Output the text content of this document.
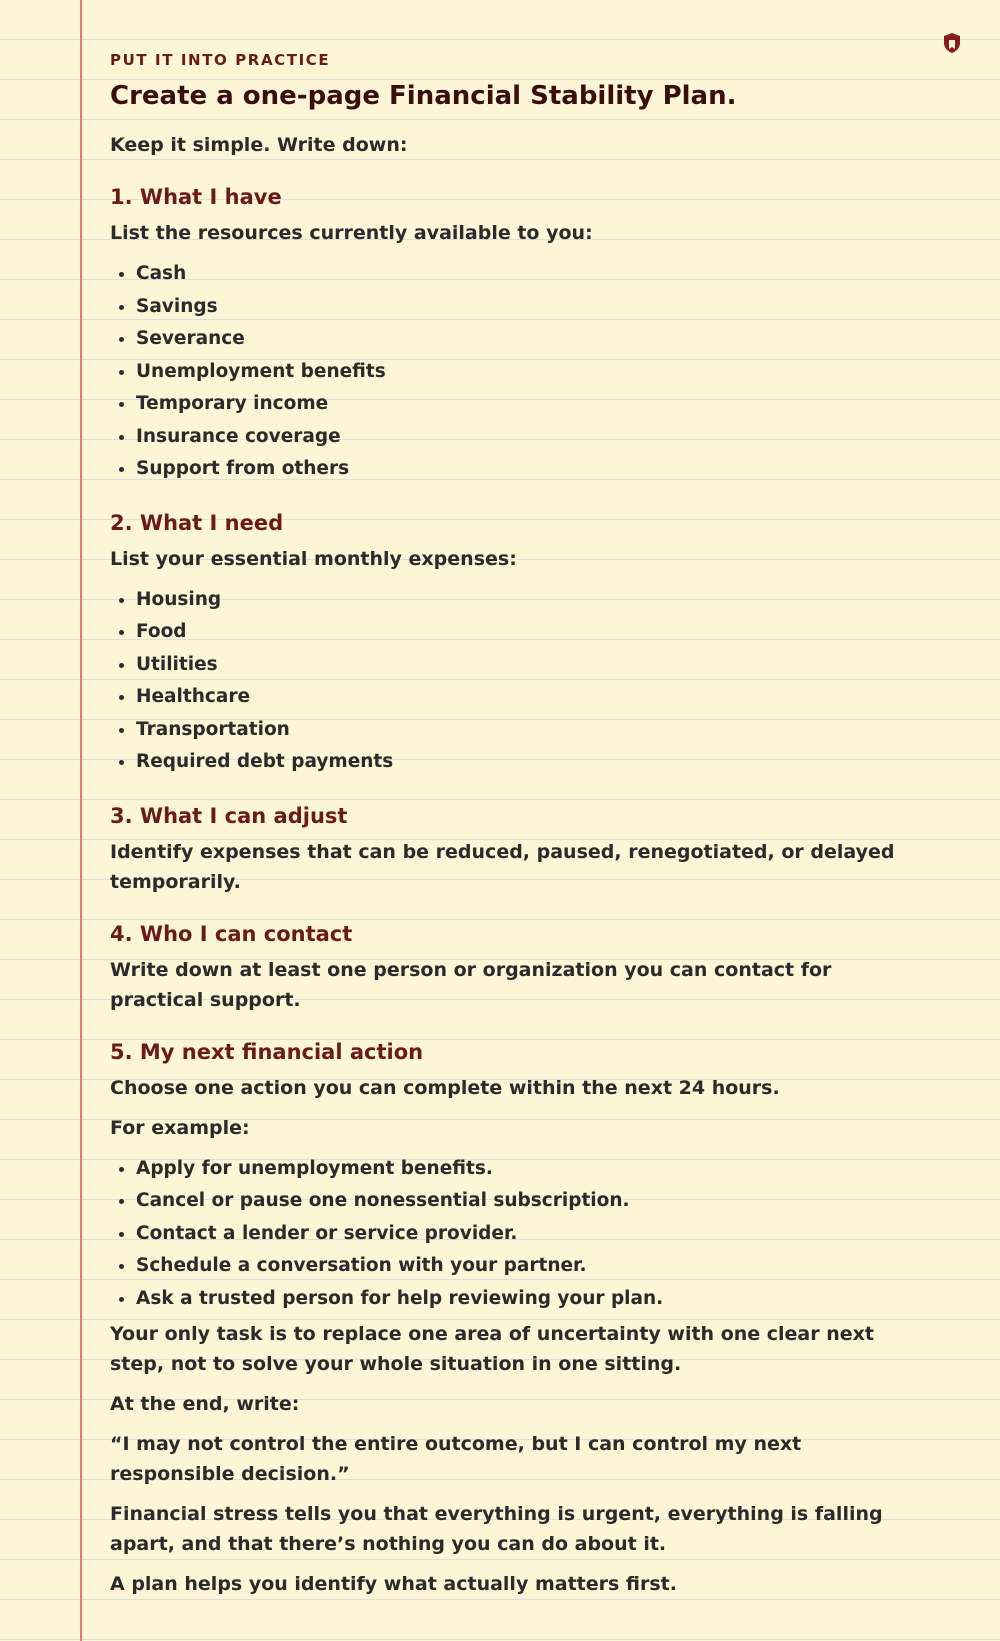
PUT IT INTO PRACTICE
Create a one-page Financial Stability Plan.

Keep it simple. Write down:

1. What I have

List the resources currently available to you:

• Cash
• Savings
• Severance
• Unemployment benefits
• Temporary income
• Insurance coverage
• Support from others
2. What I need

List your essential monthly expenses:

• Housing
• Food
• Utilities
• Healthcare
• Transportation
• Required debt payments
3. What I can adjust

Identify expenses that can be reduced, paused, renegotiated, or delayed temporarily.

4. Who I can contact

Write down at least one person or organization you can contact for practical support.

5. My next financial action

Choose one action you can complete within the next 24 hours.

For example:

• Apply for unemployment benefits.
• Cancel or pause one nonessential subscription.
• Contact a lender or service provider.
• Schedule a conversation with your partner.
• Ask a trusted person for help reviewing your plan.

Your only task is to replace one area of uncertainty with one clear next step, not to solve your whole situation in one sitting.

At the end, write:

“I may not control the entire outcome, but I can control my next responsible decision.”

Financial stress tells you that everything is urgent, everything is falling apart, and that there’s nothing you can do about it.

A plan helps you identify what actually matters first.
